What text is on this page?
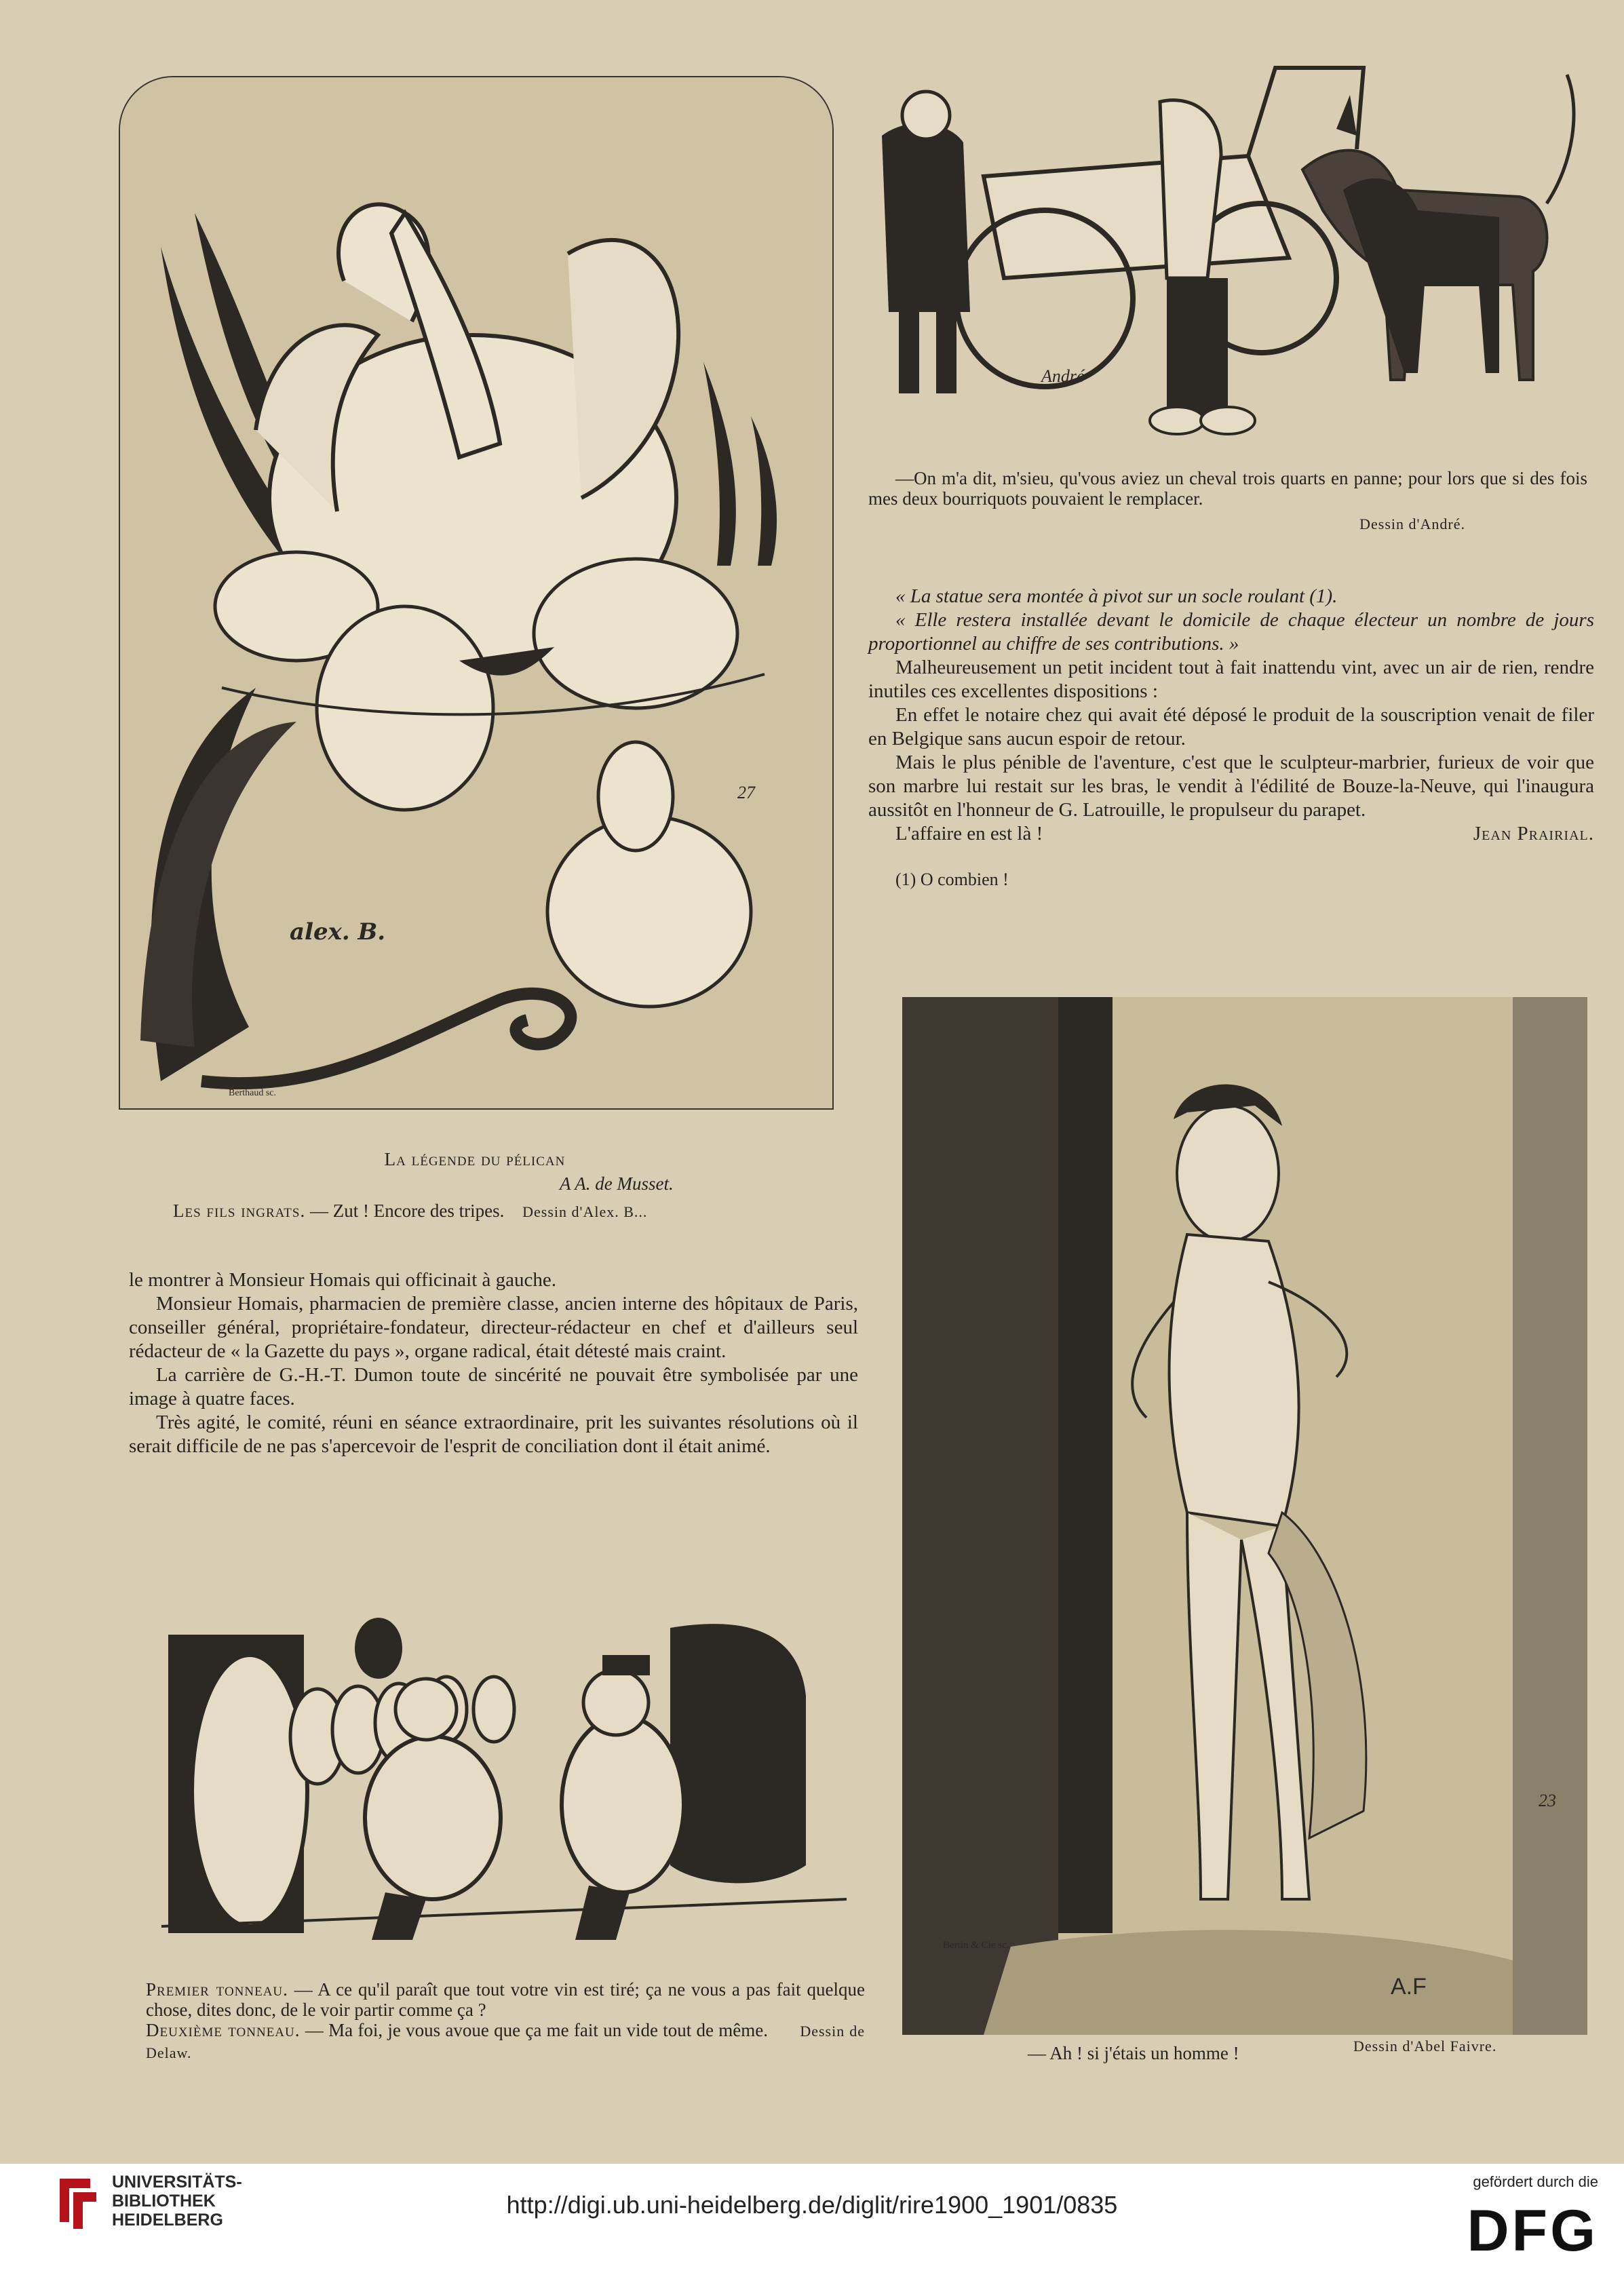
alex. B.
27
Berthaud sc.
La légende du pélican
A A. de Musset.
Les fils ingrats. — Zut ! Encore des tripes. Dessin d'Alex. B...

le montrer à Monsieur Homais qui officinait à gauche.

Monsieur Homais, pharmacien de première classe, ancien interne des hôpitaux de Paris, conseiller général, propriétaire-fondateur, directeur-rédacteur en chef et d'ailleurs seul rédacteur de « la Gazette du pays », organe radical, était détesté mais craint.

La carrière de G.-H.-T. Dumon toute de sincérité ne pouvait être symbolisée par une image à quatre faces.

Très agité, le comité, réuni en séance extraordinaire, prit les suivantes résolutions où il serait difficile de ne pas s'apercevoir de l'esprit de conciliation dont il était animé.

Premier tonneau. — A ce qu'il paraît que tout votre vin est tiré; ça ne vous a pas fait quelque chose, dites donc, de le voir partir comme ça ?
Deuxième tonneau. — Ma foi, je vous avoue que ça me fait un vide tout de même. Dessin de Delaw.
André
—On m'a dit, m'sieu, qu'vous aviez un cheval trois quarts en panne; pour lors que si des fois mes deux bourriquots pouvaient le remplacer.
Dessin d'André.

« La statue sera montée à pivot sur un socle roulant (1).

« Elle restera installée devant le domicile de chaque électeur un nombre de jours proportionnel au chiffre de ses contributions. »

Malheureusement un petit incident tout à fait inattendu vint, avec un air de rien, rendre inutiles ces excellentes dispositions :

En effet le notaire chez qui avait été déposé le produit de la souscription venait de filer en Belgique sans aucun espoir de retour.

Mais le plus pénible de l'aventure, c'est que le sculpteur-marbrier, furieux de voir que son marbre lui restait sur les bras, le vendit à l'édilité de Bouze-la-Neuve, qui l'inaugura aussitôt en l'honneur de G. Latrouille, le propulseur du parapet.

L'affaire en est là !	Jean Prairial.

(1) O combien !

23
Bertin & Cie sc.
A.F
— Ah ! si j'étais un homme !	Dessin d'Abel Faivre.
UNIVERSITÄTS-
BIBLIOTHEK
HEIDELBERG
http://digi.ub.uni-heidelberg.de/diglit/rire1900_1901/0835
gefördert durch die
DFG
